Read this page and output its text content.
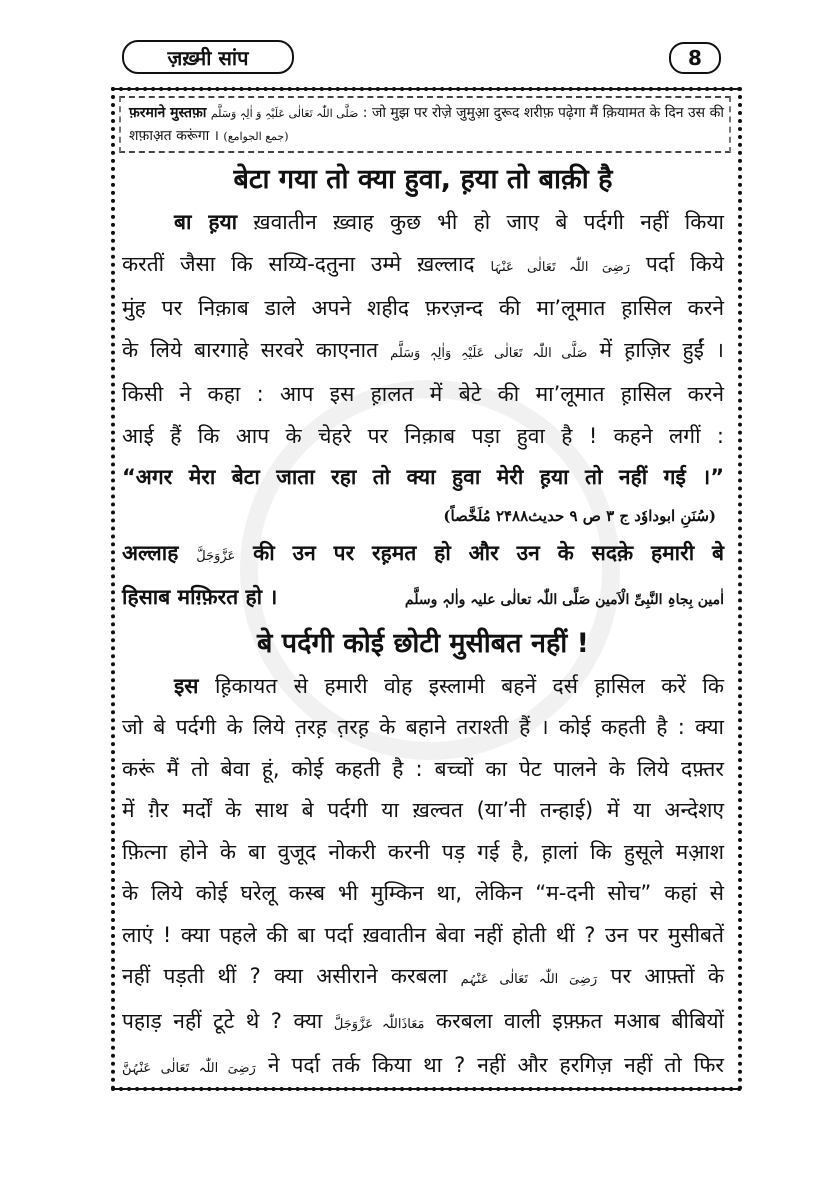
ज़ख़्मी सांप	8
फ़रमाने मुस्तफ़ा صَلَّی اللّٰہ تَعَالٰی عَلَیْہِ وَ اٰلِہٖ وَسَلَّم : जो मुझ पर रोज़े जुमुआ़ दुरूद शरीफ़ पढ़ेगा मैं क़ियामत के दिन उस की
शफ़ाअ़त करूंगा । (جمع الجوامع)
बेटा गया तो क्या हुवा, ह़या तो बाक़ी है

बा ह़या ख़वातीन ख़्वाह कुछ भी हो जाए बे पर्दगी नहीं किया

करतीं जैसा कि सय्यि-दतुना उम्मे ख़ल्लाद رَضِیَ اللّٰہ تَعَالٰی عَنْہَا पर्दा किये

मुंह पर निक़ाब डाले अपने शहीद फ़रज़न्द की मा’लूमात ह़ासिल करने

के लिये बारगाहे सरवरे काएनात صَلَّی اللّٰہ تَعَالٰی عَلَیْہِ وَاٰلِہٖ وَسَلَّم में ह़ाज़िर हुईं ।

किसी ने कहा : आप इस ह़ालत में बेटे की मा’लूमात ह़ासिल करने

आई हैं कि आप के चेहरे पर निक़ाब पड़ा हुवा है ! कहने लगीं :

“अगर मेरा बेटा जाता रहा तो क्या हुवा मेरी ह़या तो नहीं गई ।”

(سُنَنِ ابوداوٗد ج ۳ ص ۹ حدیث۲۴۸۸ مُلَخَّصاً)

अल्लाह عَزَّوَجَلَّ की उन पर रह़मत हो और उन के सदक़े हमारी बे

हिसाब मग़्फ़िरत हो ।	اٰمین بِجاہِ النَّبِیِّ الْاَمین صَلَّی اللّٰہ تعالٰی علیہ واٰلہٖ وسلَّم
बे पर्दगी कोई छोटी मुसीबत नहीं !

इस ह़िकायत से हमारी वोह इस्लामी बहनें दर्स ह़ासिल करें कि

जो बे पर्दगी के लिये त़रह़ त़रह़ के बहाने तराश्ती हैं । कोई कहती है : क्या

करूं मैं तो बेवा हूं, कोई कहती है : बच्चों का पेट पालने के लिये दफ़्तर

में ग़ैर मर्दों के साथ बे पर्दगी या ख़ल्वत (या’नी तन्हाई) में या अन्देशए

फ़ित्ना होने के बा वुजूद नोकरी करनी पड़ गई है, ह़ालां कि हुसूले मआ़श

के लिये कोई घरेलू कस्ब भी मुम्किन था, लेकिन “म-दनी सोच” कहां से

लाएं ! क्या पहले की बा पर्दा ख़वातीन बेवा नहीं होती थीं ? उन पर मुसीबतें

नहीं पड़ती थीं ? क्या असीराने करबला رَضِیَ اللّٰہ تَعَالٰی عَنْہُم पर आफ़्तों के

पहाड़ नहीं टूटे थे ? क्या مَعَاذَاللّٰہ عَزَّوَجَلَّ करबला वाली इफ़्फ़त मआब बीबियों

رَضِیَ اللّٰہ تَعَالٰی عَنْہُنَّ ने पर्दा तर्क किया था ? नहीं और हरगिज़ नहीं तो फिर
